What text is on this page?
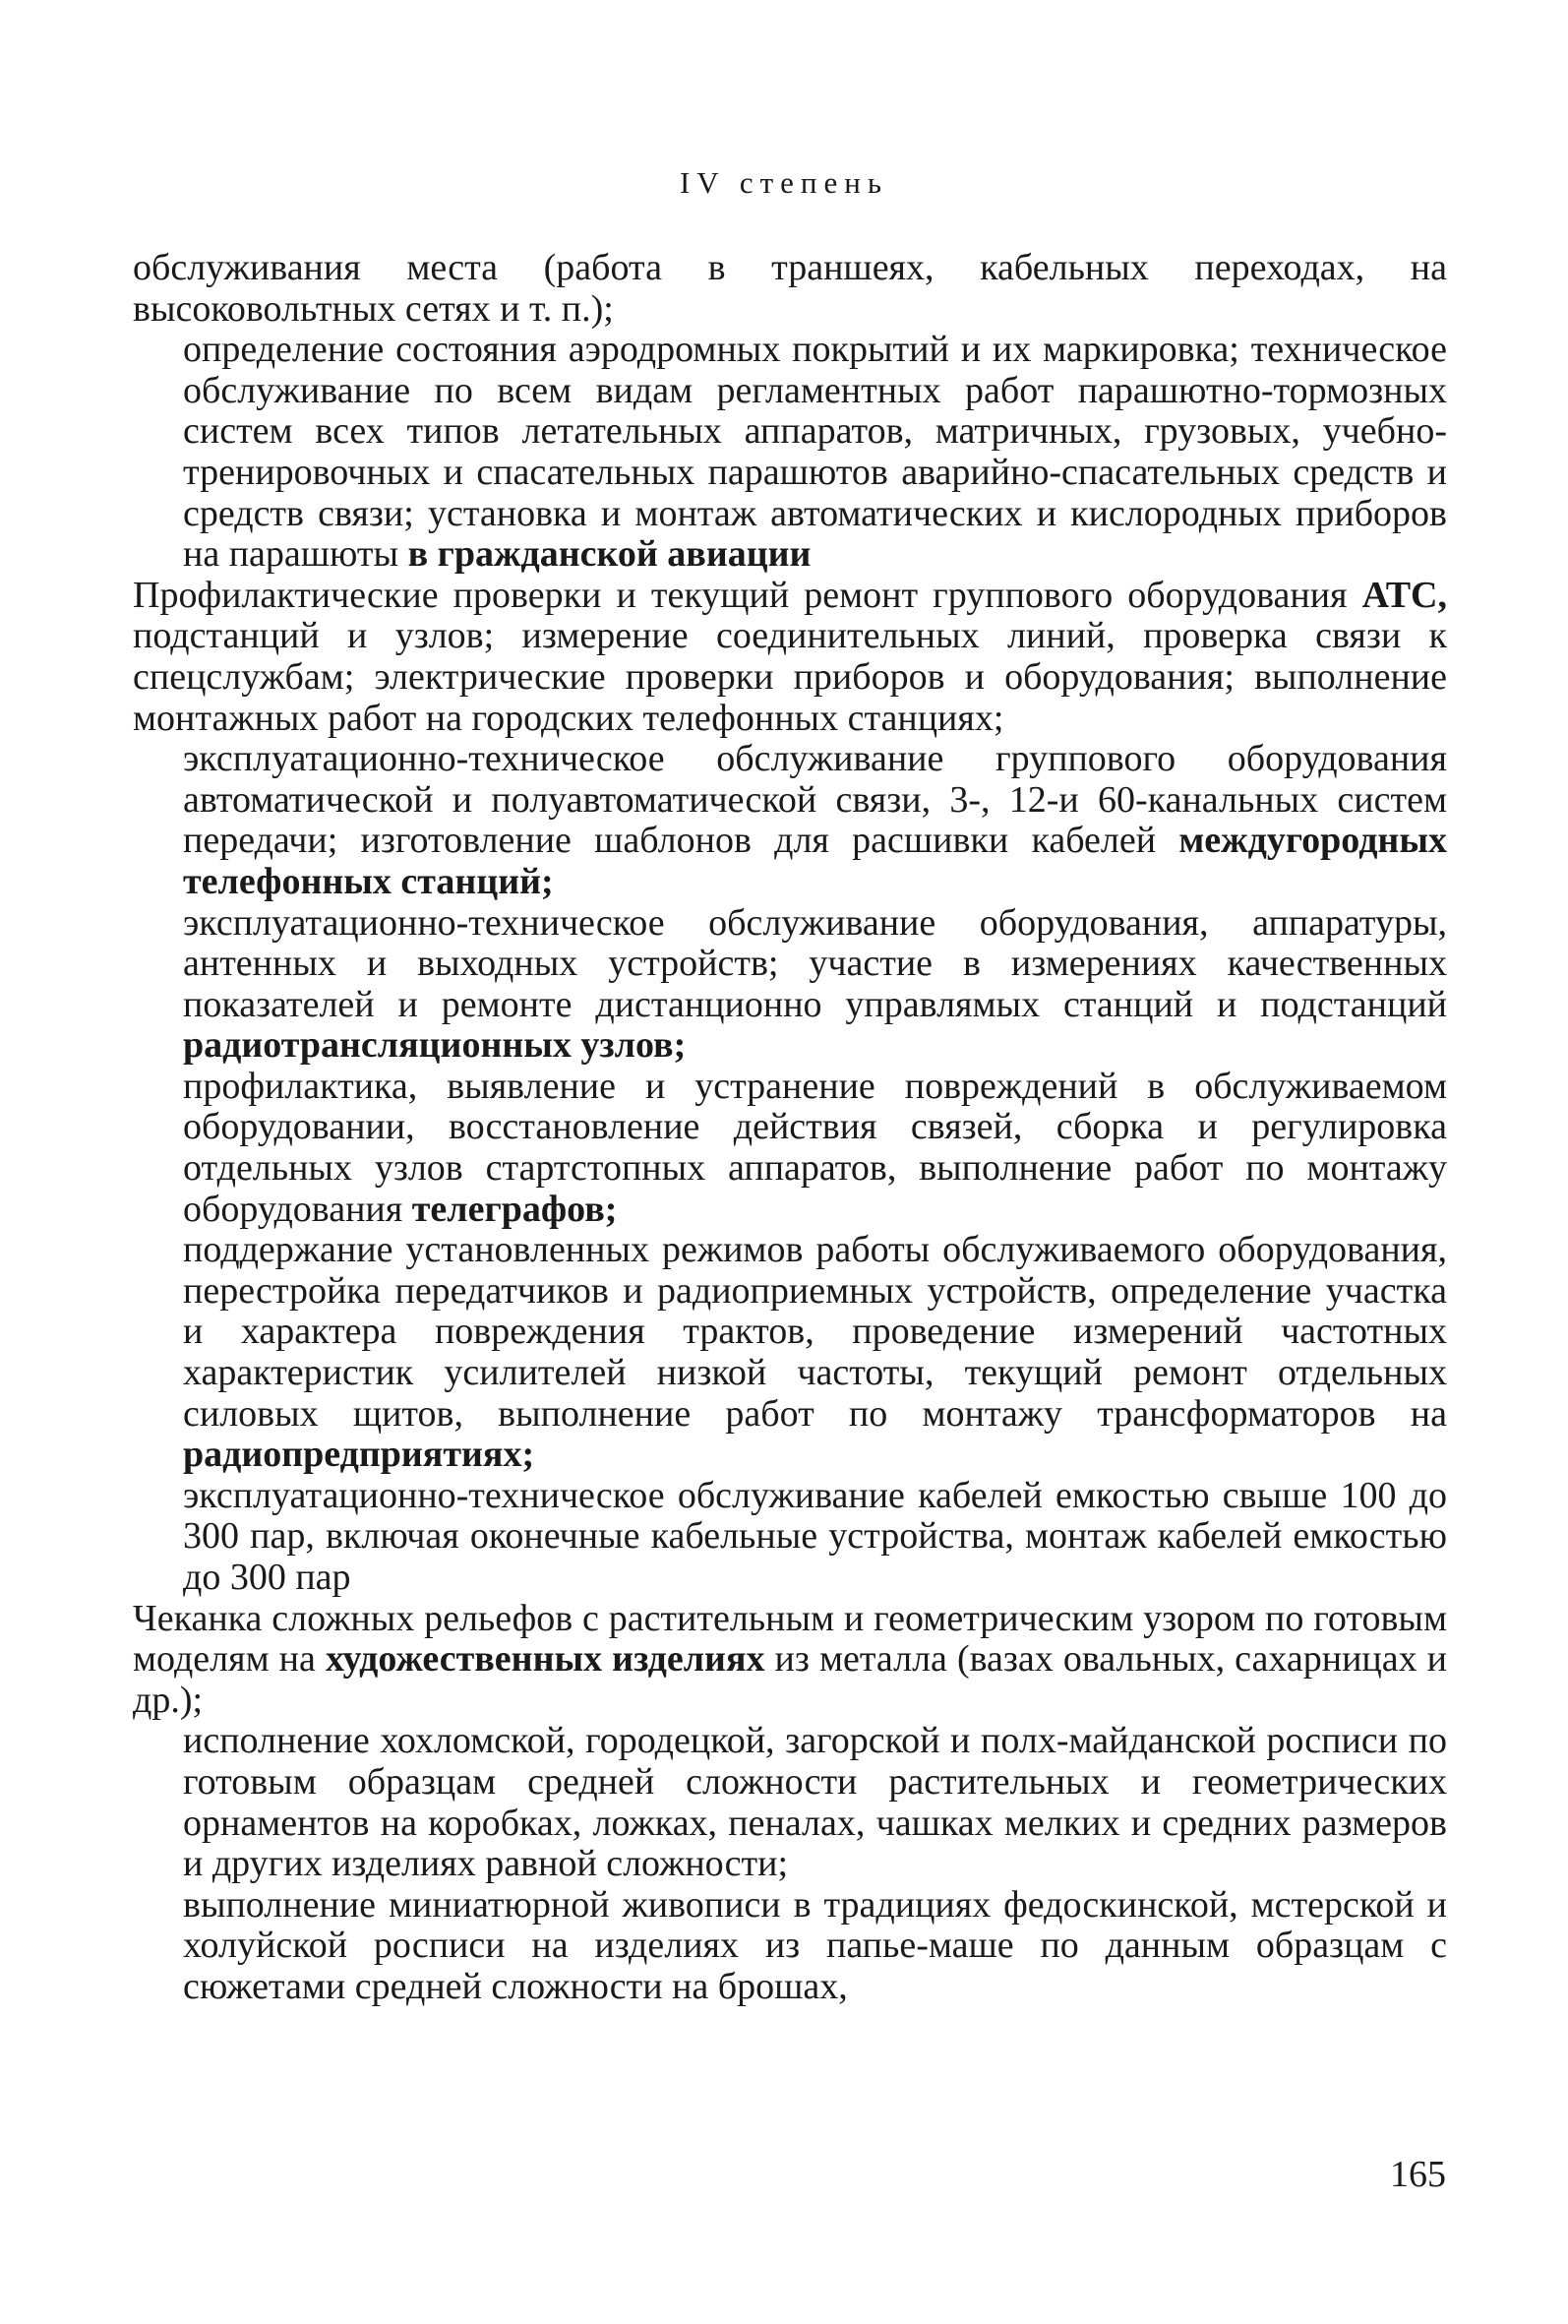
IV степень

обслуживания места (работа в траншеях, кабельных переходах, на высоковольтных сетях и т. п.);

определение состояния аэродромных покрытий и их маркировка; техническое обслуживание по всем видам регламентных работ парашютно-тормозных систем всех типов летательных аппаратов, матричных, грузовых, учебно-тренировочных и спасательных парашютов аварийно-спасательных средств и средств связи; установка и монтаж автоматических и кислородных приборов на парашюты в гражданской авиации

Профилактические проверки и текущий ремонт группового оборудования АТС, подстанций и узлов; измерение соединительных линий, проверка связи к спецслужбам; электрические проверки приборов и оборудования; выполнение монтажных работ на городских телефонных станциях;

эксплуатационно-техническое обслуживание группового оборудования автоматической и полуавтоматической связи, 3-, 12-и 60-канальных систем передачи; изготовление шаблонов для расшивки кабелей междугородных телефонных станций;

эксплуатационно-техническое обслуживание оборудования, аппаратуры, антенных и выходных устройств; участие в измерениях качественных показателей и ремонте дистанционно управлямых станций и подстанций радиотрансляционных узлов;

профилактика, выявление и устранение повреждений в обслуживаемом оборудовании, восстановление действия связей, сборка и регулировка отдельных узлов стартстопных аппаратов, выполнение работ по монтажу оборудования телеграфов;

поддержание установленных режимов работы обслуживаемого оборудования, перестройка передатчиков и радиоприемных устройств, определение участка и характера повреждения трактов, проведение измерений частотных характеристик усилителей низкой частоты, текущий ремонт отдельных силовых щитов, выполнение работ по монтажу трансформаторов на радиопредприятиях;

эксплуатационно-техническое обслуживание кабелей емкостью свыше 100 до 300 пар, включая оконечные кабельные устройства, монтаж кабелей емкостью до 300 пар

Чеканка сложных рельефов с растительным и геометрическим узором по готовым моделям на художественных изделиях из металла (вазах овальных, сахарницах и др.);

исполнение хохломской, городецкой, загорской и полх-майданской росписи по готовым образцам средней сложности растительных и геометрических орнаментов на коробках, ложках, пеналах, чашках мелких и средних размеров и других изделиях равной сложности;

выполнение миниатюрной живописи в традициях федоскинской, мстерской и холуйской росписи на изделиях из папье-маше по данным образцам с сюжетами средней сложности на брошах,

165
